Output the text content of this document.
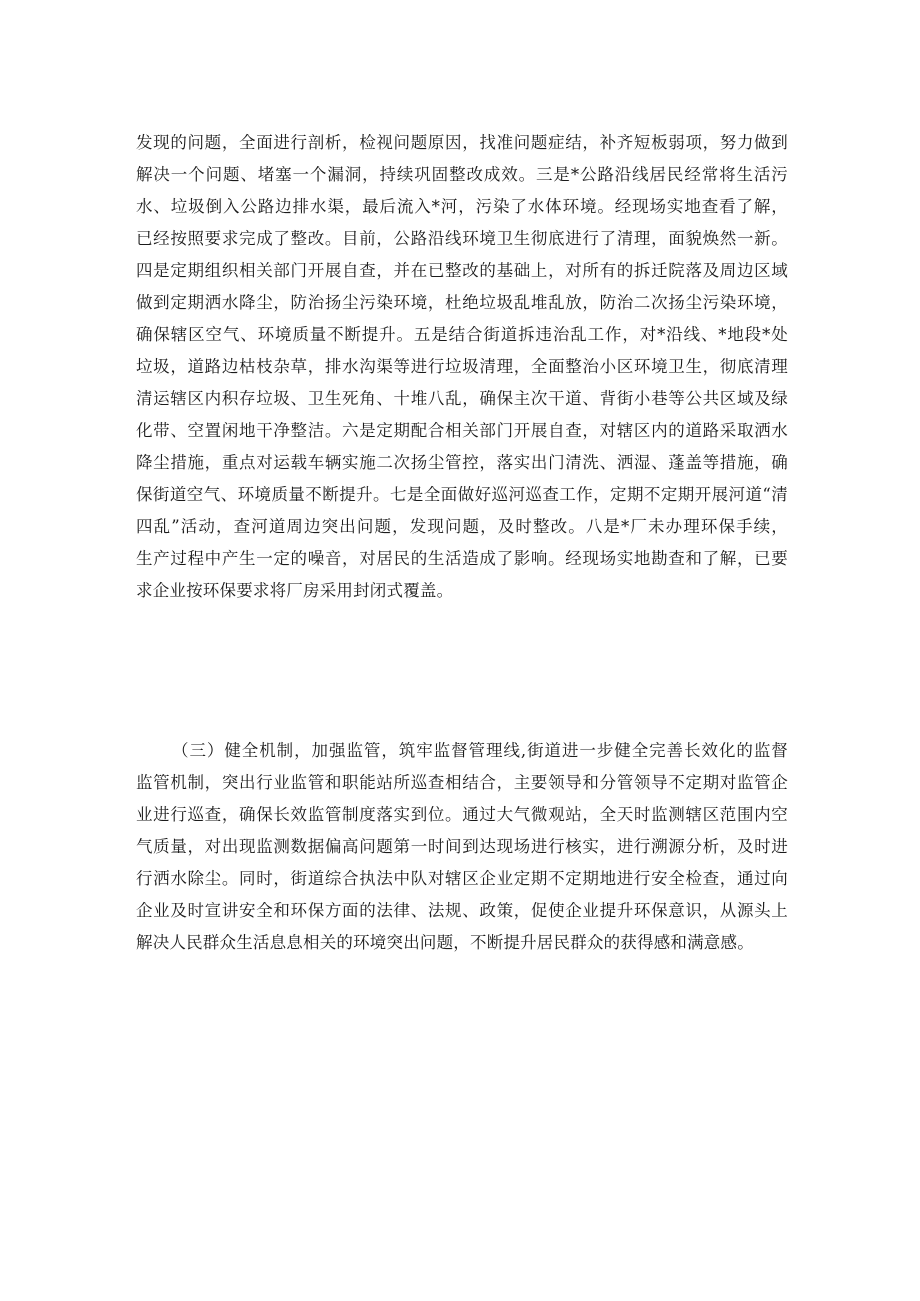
发现的问题，全面进行剖析，检视问题原因，找准问题症结，补齐短板弱项，努力做到
解决一个问题、堵塞一个漏洞，持续巩固整改成效。三是*公路沿线居民经常将生活污
水、垃圾倒入公路边排水渠，最后流入*河，污染了水体环境。经现场实地查看了解，
已经按照要求完成了整改。目前，公路沿线环境卫生彻底进行了清理，面貌焕然一新。
四是定期组织相关部门开展自查，并在已整改的基础上，对所有的拆迁院落及周边区域
做到定期洒水降尘，防治扬尘污染环境，杜绝垃圾乱堆乱放，防治二次扬尘污染环境，
确保辖区空气、环境质量不断提升。五是结合街道拆违治乱工作，对*沿线、*地段*处
垃圾，道路边枯枝杂草，排水沟渠等进行垃圾清理，全面整治小区环境卫生，彻底清理
清运辖区内积存垃圾、卫生死角、十堆八乱，确保主次干道、背街小巷等公共区域及绿
化带、空置闲地干净整洁。六是定期配合相关部门开展自查，对辖区内的道路采取洒水
降尘措施，重点对运载车辆实施二次扬尘管控，落实出门清洗、洒湿、蓬盖等措施，确
保街道空气、环境质量不断提升。七是全面做好巡河巡查工作，定期不定期开展河道“清
四乱”活动，查河道周边突出问题，发现问题，及时整改。八是*厂未办理环保手续，
生产过程中产生一定的噪音，对居民的生活造成了影响。经现场实地勘查和了解，已要
求企业按环保要求将厂房采用封闭式覆盖。
（三）健全机制，加强监管，筑牢监督管理线,街道进一步健全完善长效化的监督
监管机制，突出行业监管和职能站所巡查相结合，主要领导和分管领导不定期对监管企
业进行巡查，确保长效监管制度落实到位。通过大气微观站，全天时监测辖区范围内空
气质量，对出现监测数据偏高问题第一时间到达现场进行核实，进行溯源分析，及时进
行洒水除尘。同时，街道综合执法中队对辖区企业定期不定期地进行安全检查，通过向
企业及时宣讲安全和环保方面的法律、法规、政策，促使企业提升环保意识，从源头上
解决人民群众生活息息相关的环境突出问题，不断提升居民群众的获得感和满意感。
